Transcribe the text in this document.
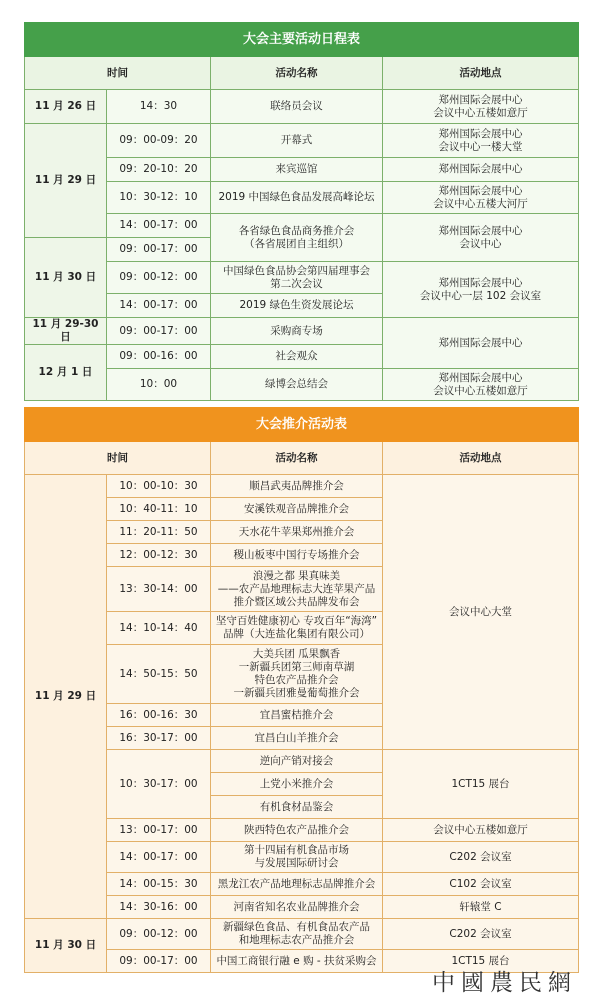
大会主要活动日程表			
时间		活动名称	活动地点
11 月 26 日	14：30	联络员会议	郑州国际会展中心
会议中心五楼如意厅
11 月 29 日	09：00-09：20	开幕式	郑州国际会展中心
会议中心一楼大堂
	09：20-10：20	来宾巡馆	郑州国际会展中心
	10：30-12：10	2019 中国绿色食品发展高峰论坛	郑州国际会展中心
会议中心五楼大河厅
	14：00-17：00	各省绿色食品商务推介会
（各省展团自主组织）	郑州国际会展中心
会议中心
11 月 30 日	09：00-17：00		
	09：00-12：00	中国绿色食品协会第四届理事会
第二次会议	郑州国际会展中心
会议中心一层 102 会议室
	14：00-17：00	2019 绿色生资发展论坛	
11 月 29-30 日	09：00-17：00	采购商专场	郑州国际会展中心
12 月 1 日	09：00-16：00	社会观众	
	10：00	绿博会总结会	郑州国际会展中心
会议中心五楼如意厅
大会推介活动表			
时间		活动名称	活动地点
11 月 29 日	10：00-10：30	顺昌武夷品牌推介会	会议中心大堂
	10：40-11：10	安溪铁观音品牌推介会	
	11：20-11：50	天水花牛苹果郑州推介会	
	12：00-12：30	稷山板枣中国行专场推介会	
	13：30-14：00	浪漫之都 果真味美
——农产品地理标志大连苹果产品
推介暨区域公共品牌发布会	
	14：10-14：40	坚守百姓健康初心 专攻百年“海湾”
品牌（大连盐化集团有限公司）	
	14：50-15：50	大美兵团 瓜果飘香
一新疆兵团第三师南草湖
特色农产品推介会
一新疆兵团雅曼葡萄推介会	
	16：00-16：30	宜昌蜜桔推介会	
	16：30-17：00	宜昌白山羊推介会	
	10：30-17：00	逆向产销对接会	1CT15 展台
		上党小米推介会	
		有机食材品鉴会	
	13：00-17：00	陕西特色农产品推介会	会议中心五楼如意厅
	14：00-17：00	第十四届有机食品市场
与发展国际研讨会	C202 会议室
	14：00-15：30	黑龙江农产品地理标志品牌推介会	C102 会议室
	14：30-16：00	河南省知名农业品牌推介会	轩辕堂 C
11 月 30 日	09：00-12：00	新疆绿色食品、有机食品农产品
和地理标志农产品推介会	C202 会议室
	09：00-17：00	中国工商银行融 e 购 - 扶贫采购会	1CT15 展台
中國農民網
